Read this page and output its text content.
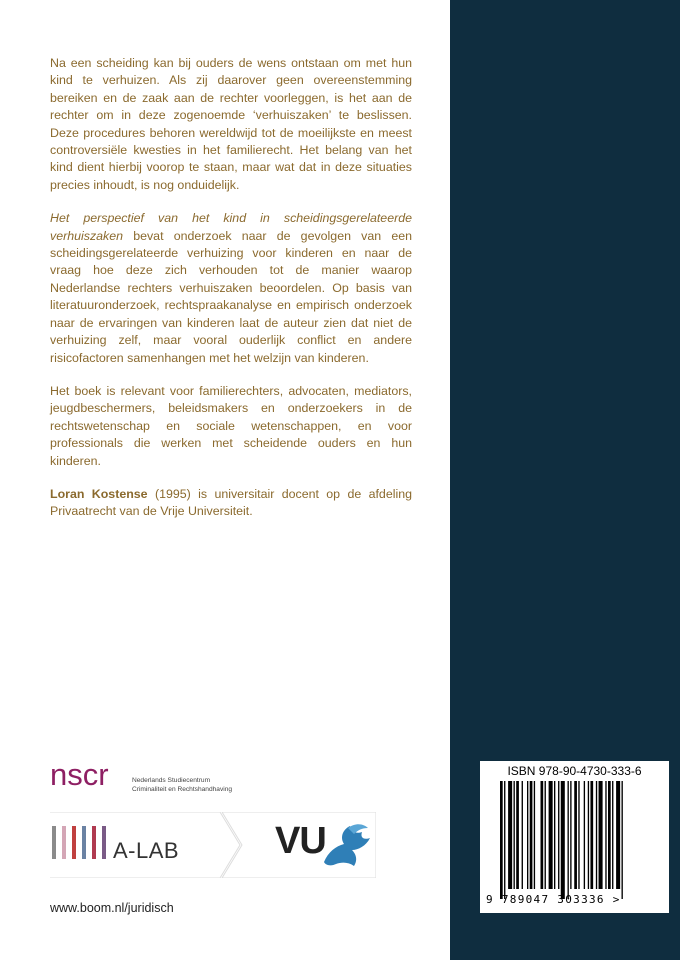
Na een scheiding kan bij ouders de wens ontstaan om met hun kind te verhuizen. Als zij daarover geen overeenstemming bereiken en de zaak aan de rechter voorleggen, is het aan de rechter om in deze zogenoemde ‘verhuiszaken’ te beslissen. Deze procedures behoren wereldwijd tot de moeilijkste en meest controversiële kwesties in het familierecht. Het belang van het kind dient hierbij voorop te staan, maar wat dat in deze situaties precies inhoudt, is nog onduidelijk.

Het perspectief van het kind in scheidingsgerelateerde verhuiszaken bevat onderzoek naar de gevolgen van een scheidingsgerelateerde verhuizing voor kinderen en naar de vraag hoe deze zich verhouden tot de manier waarop Nederlandse rechters verhuiszaken beoordelen. Op basis van literatuuronderzoek, rechtspraakanalyse en empirisch onderzoek naar de ervaringen van kinderen laat de auteur zien dat niet de verhuizing zelf, maar vooral ouderlijk conflict en andere risicofactoren samenhangen met het welzijn van kinderen.

Het boek is relevant voor familierechters, advocaten, mediators, jeugdbeschermers, beleidsmakers en onderzoekers in de rechtswetenschap en sociale wetenschappen, en voor professionals die werken met scheidende ouders en hun kinderen.

Loran Kostense (1995) is universitair docent op de afdeling Privaatrecht van de Vrije Universiteit.

nscr	Nederlands Studiecentrum
Criminaliteit en Rechtshandhaving
A-LAB	VU
www.boom.nl/juridisch
ISBN 978-90-4730-333-6
9 789047 303336 >
